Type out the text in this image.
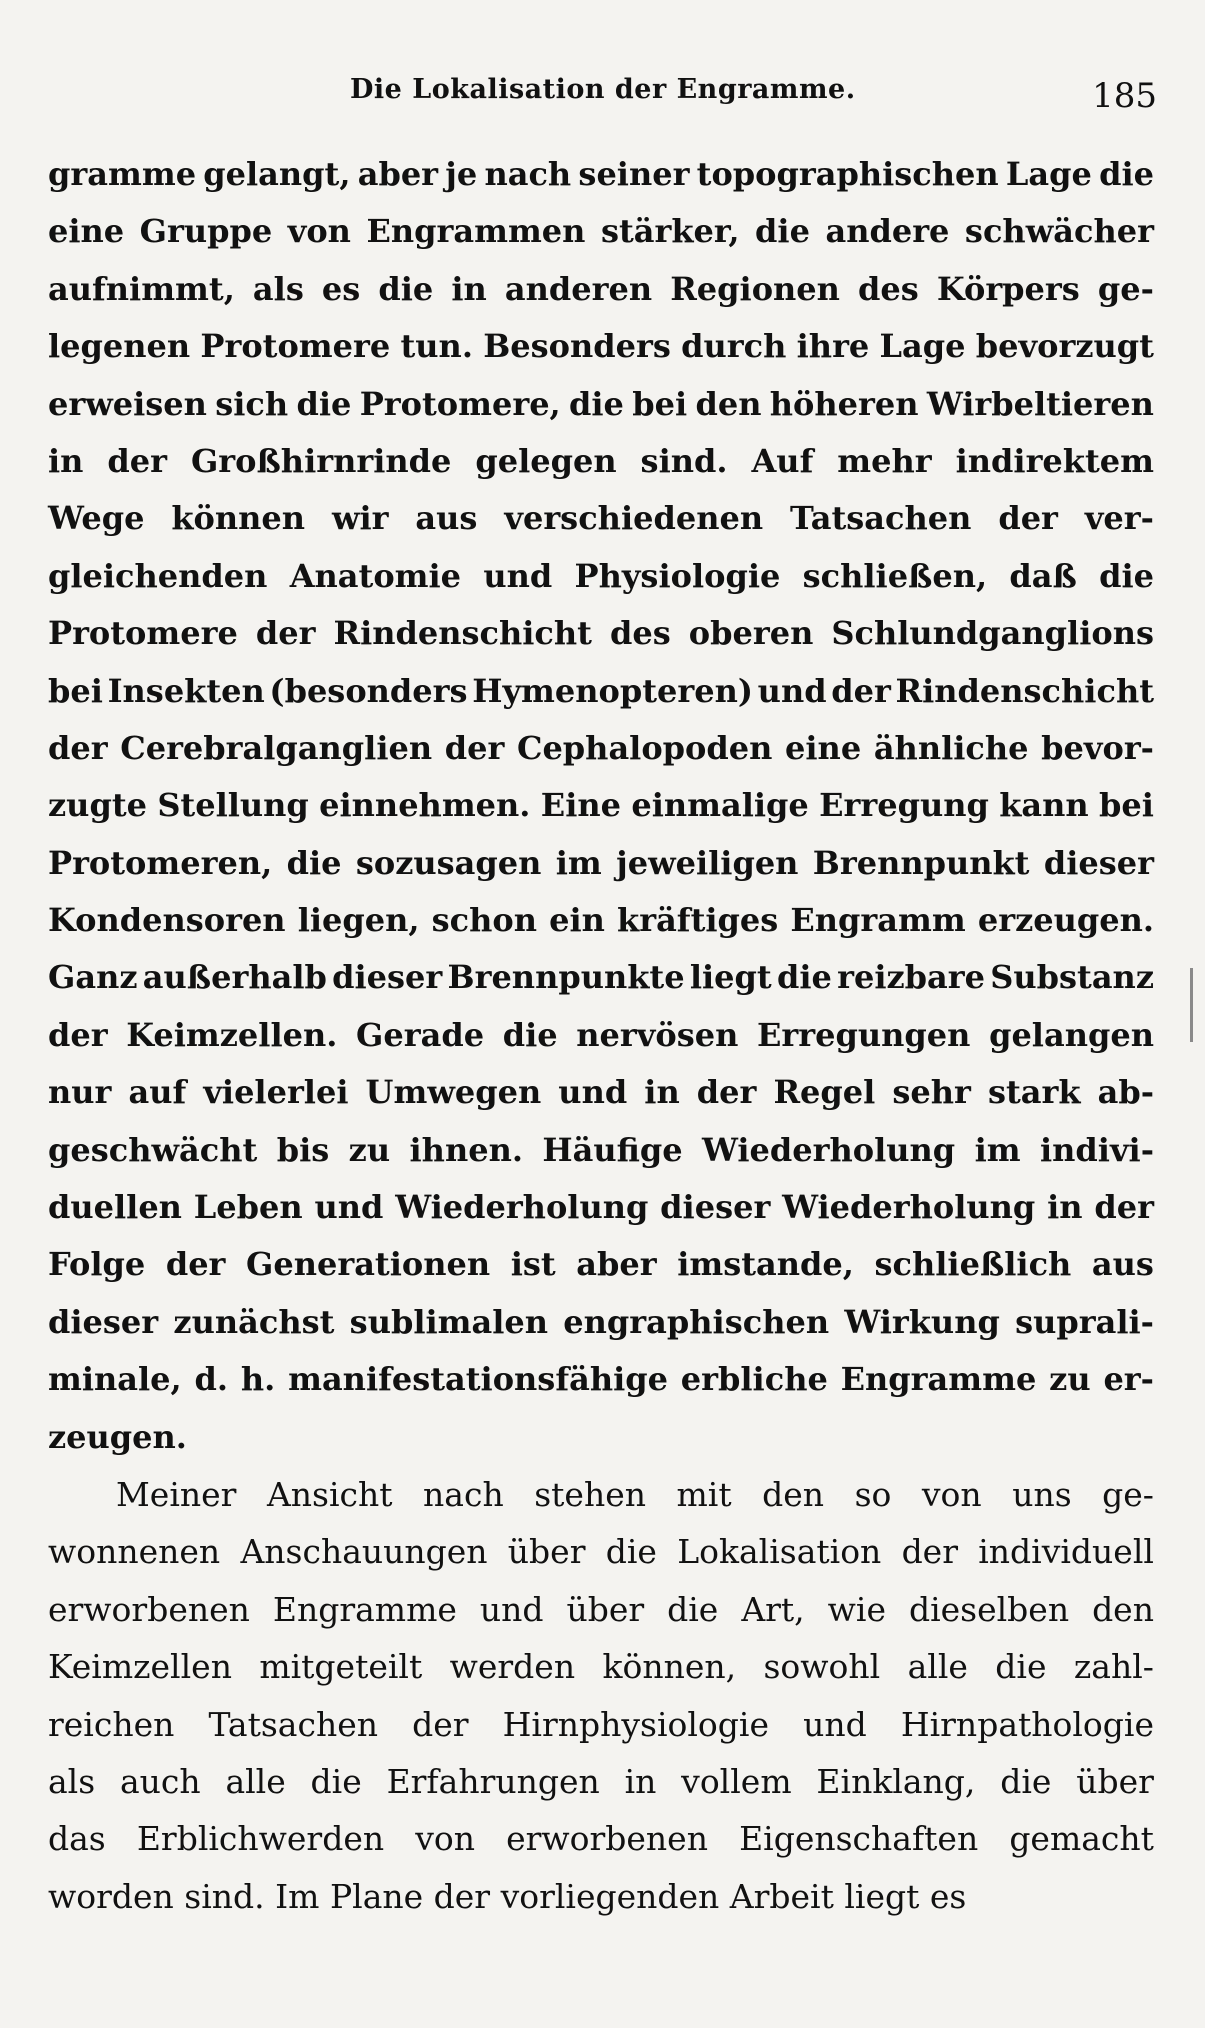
Die Lokalisation der Engramme.	185
gramme gelangt, aber je nach seiner topographischen Lage die
eine Gruppe von Engrammen stärker, die andere schwächer
aufnimmt, als es die in anderen Regionen des Körpers ge-
legenen Protomere tun. Besonders durch ihre Lage bevorzugt
erweisen sich die Protomere, die bei den höheren Wirbeltieren
in der Großhirnrinde gelegen sind. Auf mehr indirektem
Wege können wir aus verschiedenen Tatsachen der ver-
gleichenden Anatomie und Physiologie schließen, daß die
Protomere der Rindenschicht des oberen Schlundganglions
bei Insekten (besonders Hymenopteren) und der Rindenschicht
der Cerebralganglien der Cephalopoden eine ähnliche bevor-
zugte Stellung einnehmen. Eine einmalige Erregung kann bei
Protomeren, die sozusagen im jeweiligen Brennpunkt dieser
Kondensoren liegen, schon ein kräftiges Engramm erzeugen.
Ganz außerhalb dieser Brennpunkte liegt die reizbare Substanz
der Keimzellen. Gerade die nervösen Erregungen gelangen
nur auf vielerlei Umwegen und in der Regel sehr stark ab-
geschwächt bis zu ihnen. Häufige Wiederholung im indivi-
duellen Leben und Wiederholung dieser Wiederholung in der
Folge der Generationen ist aber imstande, schließlich aus
dieser zunächst sublimalen engraphischen Wirkung suprali-
minale, d. h. manifestationsfähige erbliche Engramme zu er-
zeugen.
Meiner Ansicht nach stehen mit den so von uns ge-
wonnenen Anschauungen über die Lokalisation der individuell
erworbenen Engramme und über die Art, wie dieselben den
Keimzellen mitgeteilt werden können, sowohl alle die zahl-
reichen Tatsachen der Hirnphysiologie und Hirnpathologie
als auch alle die Erfahrungen in vollem Einklang, die über
das Erblichwerden von erworbenen Eigenschaften gemacht
worden sind. Im Plane der vorliegenden Arbeit liegt es
